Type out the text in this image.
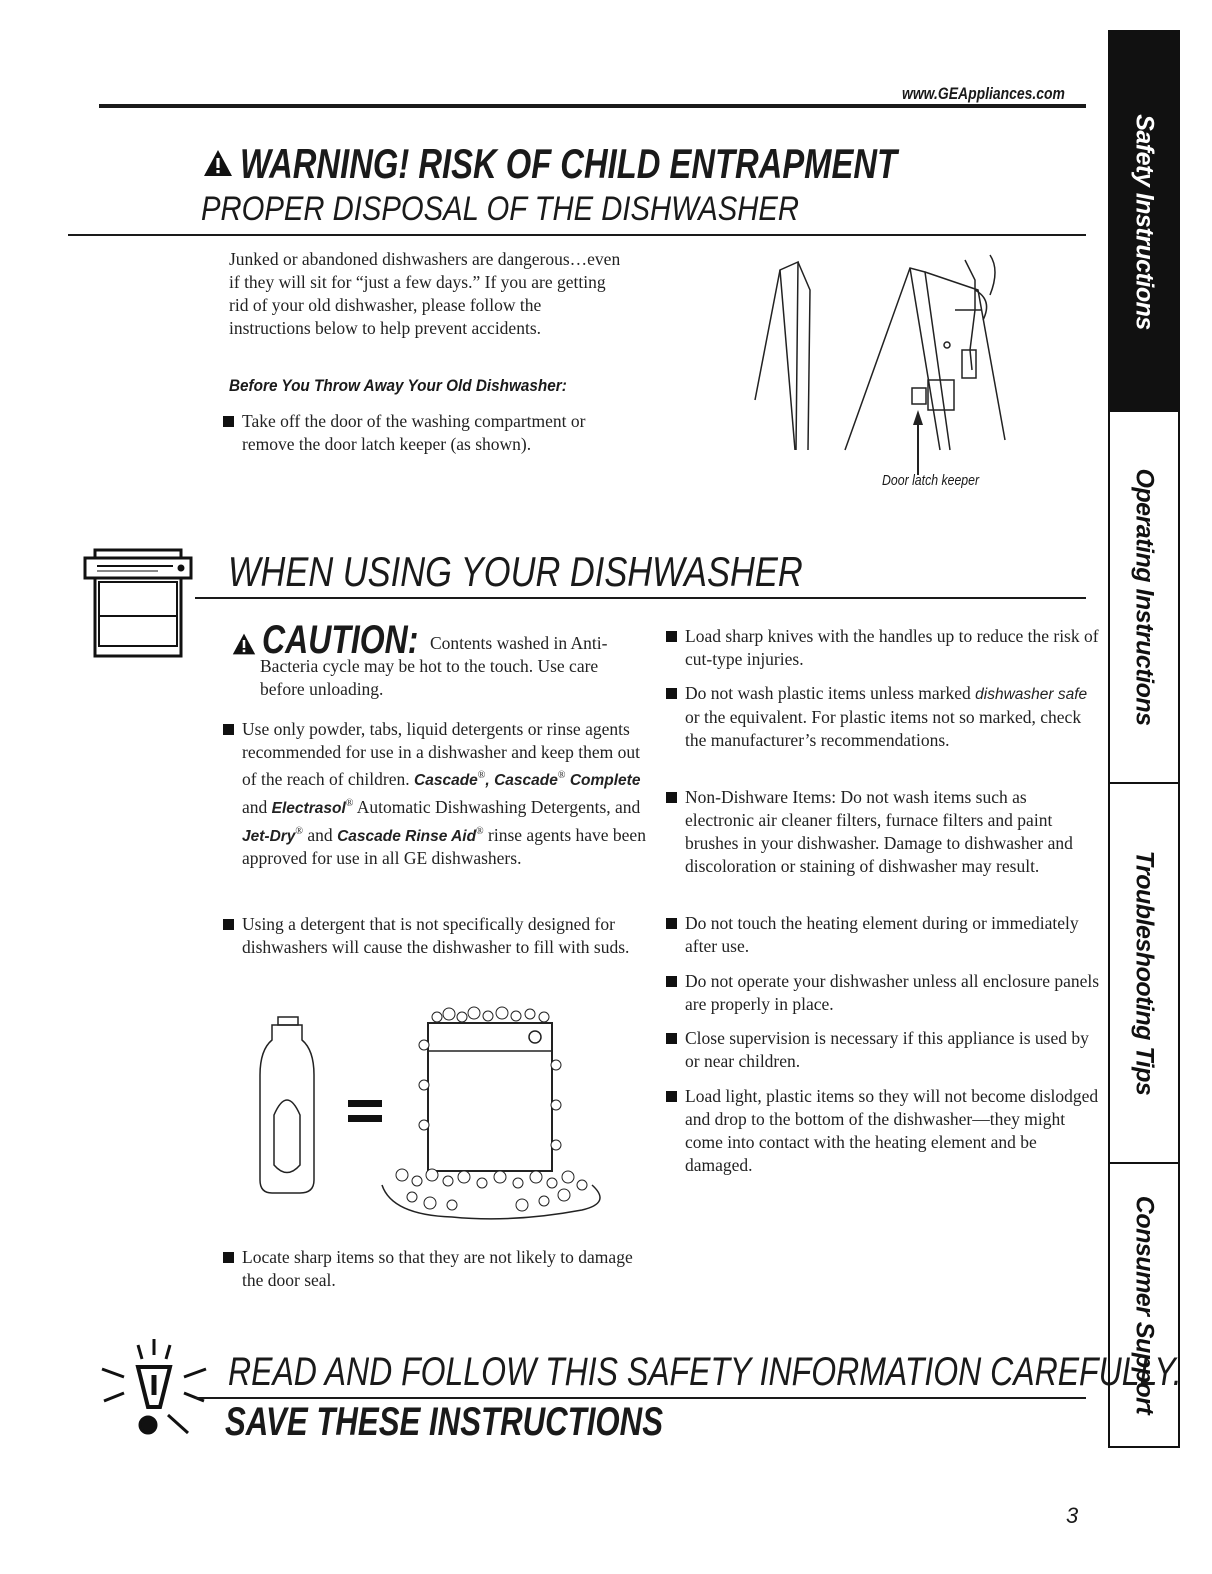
www.GEAppliances.com
WARNING! RISK OF CHILD ENTRAPMENT
PROPER DISPOSAL OF THE DISHWASHER
Junked or abandoned dishwashers are dangerous…even if they will sit for “just a few days.” If you are getting rid of your old dishwasher, please follow the instructions below to help prevent accidents.
Before You Throw Away Your Old Dishwasher:
Take off the door of the washing compartment or remove the door latch keeper (as shown).
Door latch keeper
WHEN USING YOUR DISHWASHER
CAUTION: Contents washed in Anti-Bacteria cycle may be hot to the touch. Use care before unloading.
Use only powder, tabs, liquid detergents or rinse agents recommended for use in a dishwasher and keep them out of the reach of children. Cascade®, Cascade® Complete and Electrasol® Automatic Dishwashing Detergents, and Jet-Dry® and Cascade Rinse Aid® rinse agents have been approved for use in all GE dishwashers.
Using a detergent that is not specifically designed for dishwashers will cause the dishwasher to fill with suds.
Locate sharp items so that they are not likely to damage the door seal.
Load sharp knives with the handles up to reduce the risk of cut-type injuries.
Do not wash plastic items unless marked dishwasher safe or the equivalent. For plastic items not so marked, check the manufacturer’s recommendations.
Non-Dishware Items: Do not wash items such as electronic air cleaner filters, furnace filters and paint brushes in your dishwasher. Damage to dishwasher and discoloration or staining of dishwasher may result.
Do not touch the heating element during or immediately after use.
Do not operate your dishwasher unless all enclosure panels are properly in place.
Close supervision is necessary if this appliance is used by or near children.
Load light, plastic items so they will not become dislodged and drop to the bottom of the dishwasher—they might come into contact with the heating element and be damaged.
READ AND FOLLOW THIS SAFETY INFORMATION CAREFULLY.
SAVE THESE INSTRUCTIONS
3
Safety Instructions
Operating Instructions
Troubleshooting Tips
Consumer Support
